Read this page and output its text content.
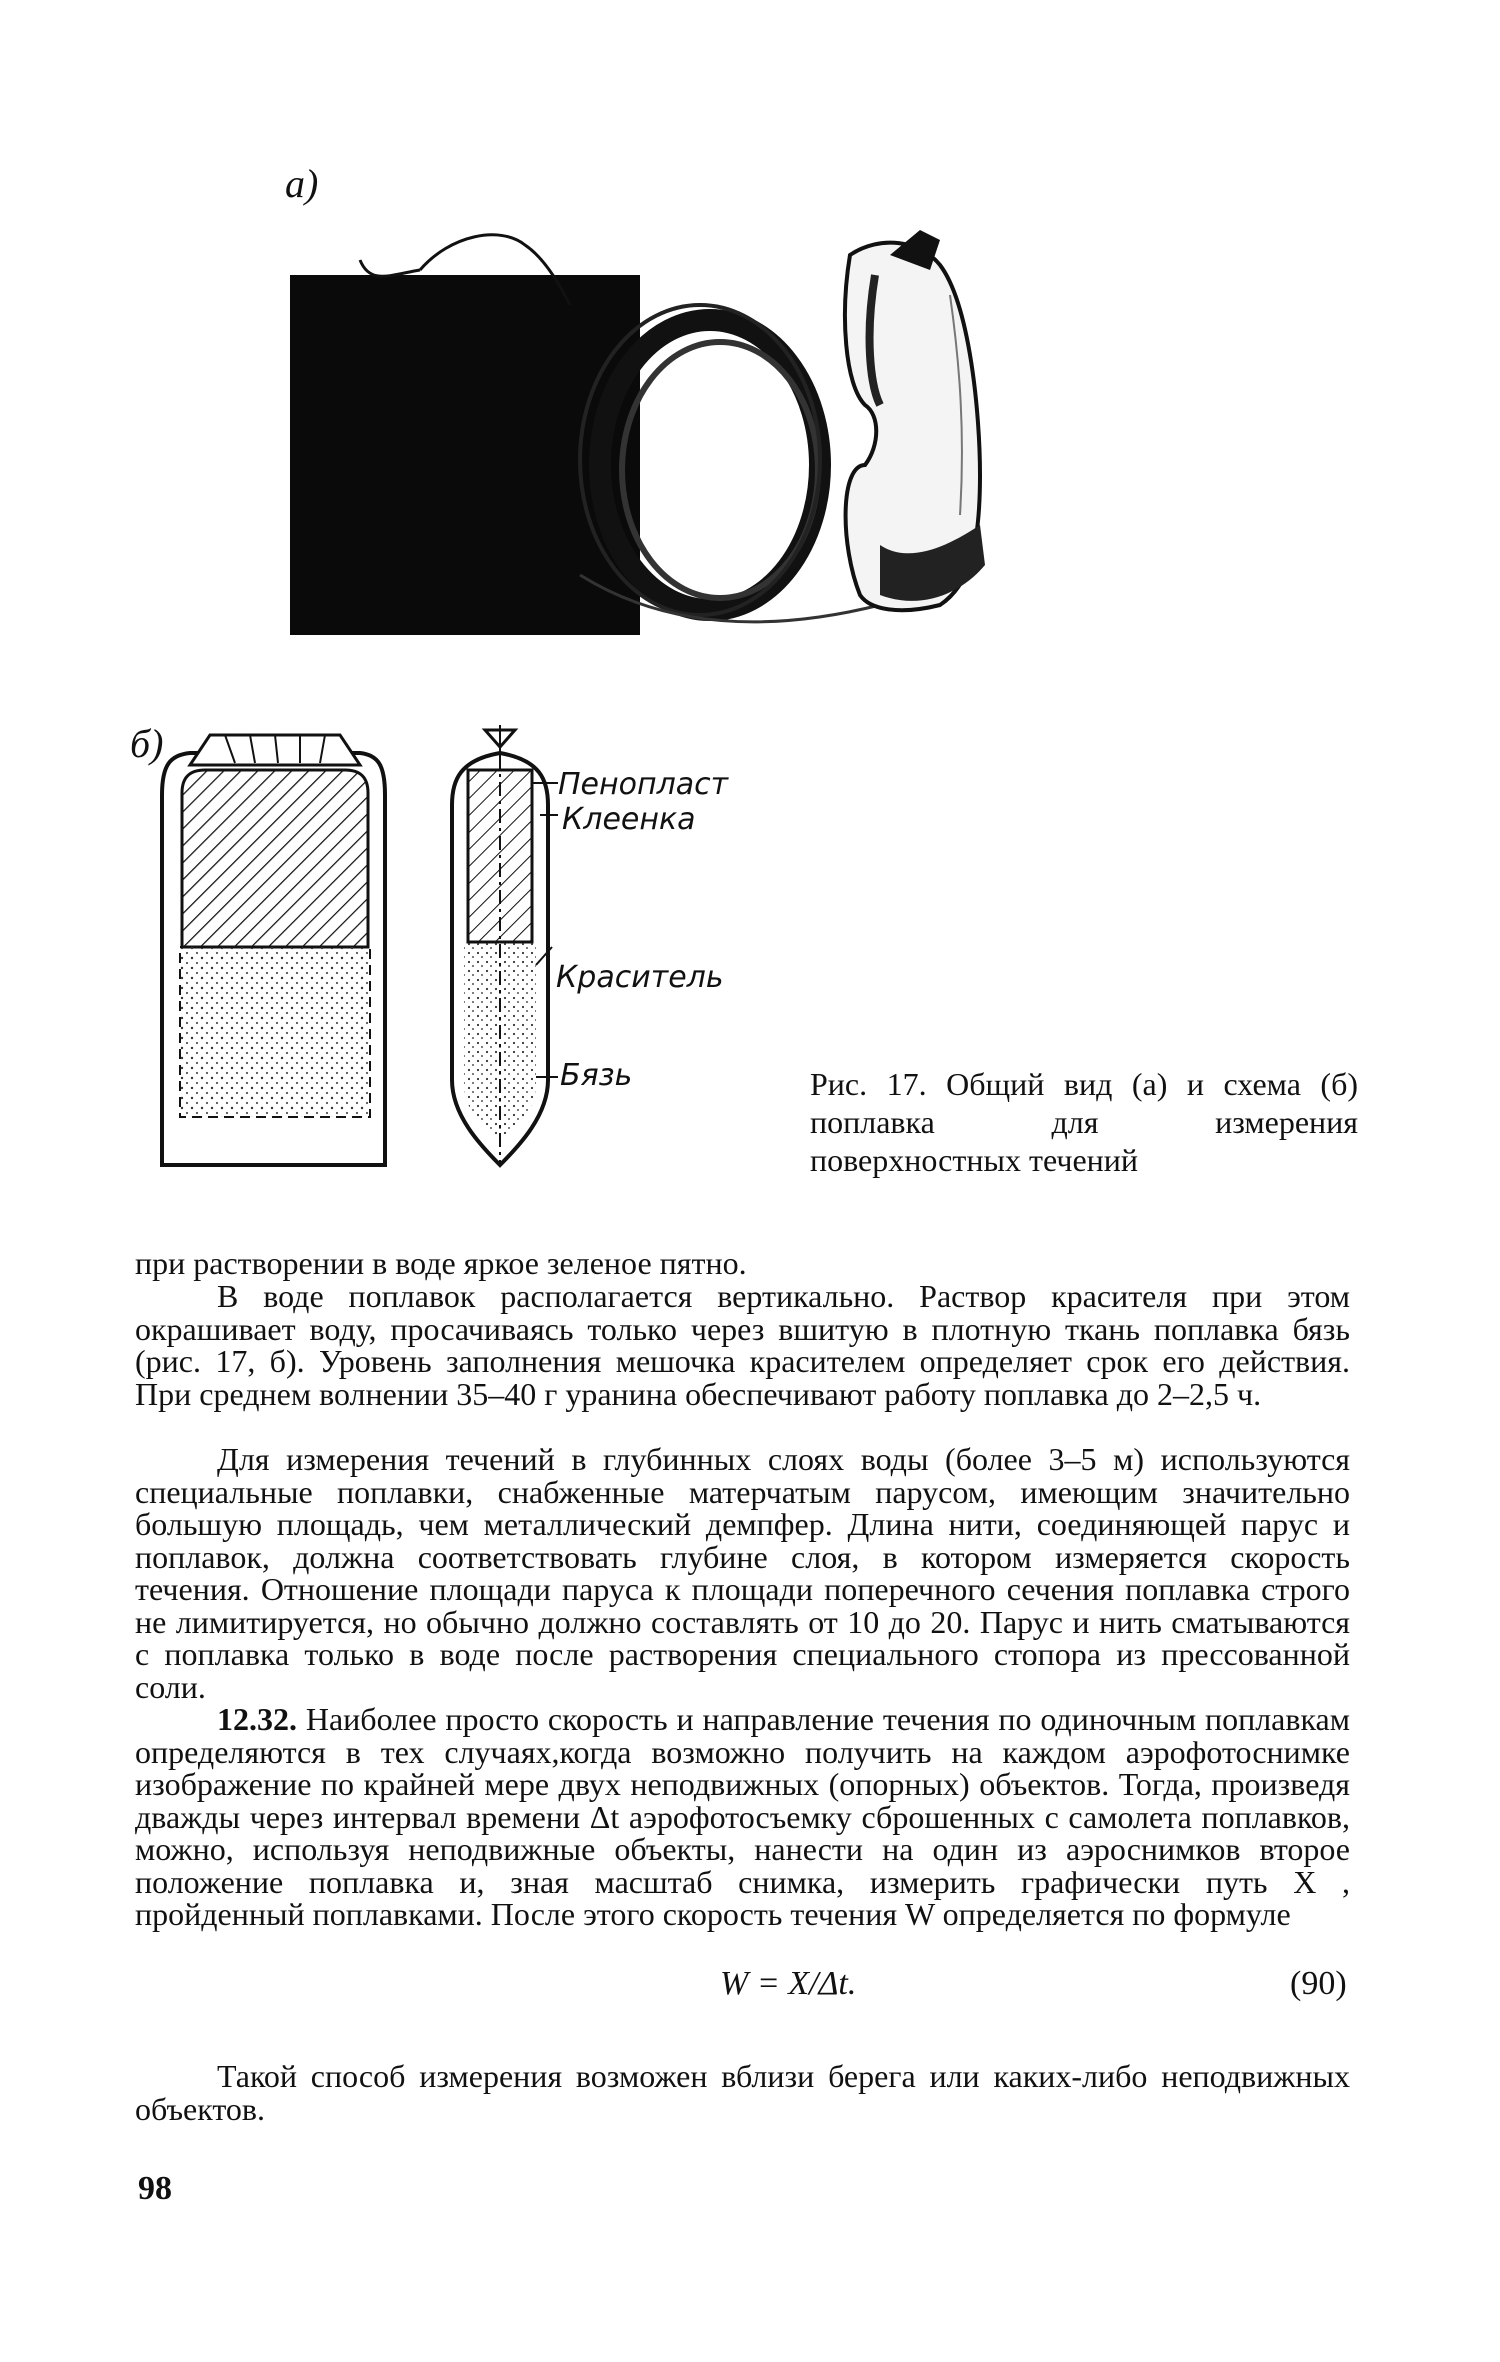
а)
б)
Пенопласт
Клеенка
Краситель
Бязь	Рис. 17. Общий вид (а) и схема (б) поплавка для измерения поверхностных течений

при растворении в воде яркое зеленое пятно.

В воде поплавок располагается вертикально. Раствор красителя при этом окрашивает воду, просачиваясь только через вшитую в плотную ткань поплавка бязь (рис. 17, б). Уровень заполнения мешочка красителем определяет срок его действия. При среднем волнении 35–40 г уранина обеспечивают работу поплавка до 2–2,5 ч.

Для измерения течений в глубинных слоях воды (более 3–5 м) используются специальные поплавки, снабженные матерчатым парусом, имеющим значительно большую площадь, чем металлический демпфер. Длина нити, соединяющей парус и поплавок, должна соответствовать глубине слоя, в котором измеряется скорость течения. Отношение площади паруса к площади поперечного сечения поплавка строго не лимитируется, но обычно должно составлять от 10 до 20. Парус и нить сматываются с поплавка только в воде после растворения специального стопора из прессованной соли.

12.32. Наиболее просто скорость и направление течения по одиночным поплавкам определяются в тех случаях,когда возможно получить на каждом аэрофотоснимке изображение по крайней мере двух неподвижных (опорных) объектов. Тогда, произведя дважды через интервал времени Δt аэрофотосъемку сброшенных с самолета поплавков, можно, используя неподвижные объекты, нанести на один из аэроснимков второе положение поплавка и, зная масштаб снимка, измерить графически путь X , пройденный поплавками. После этого скорость течения W определяется по формуле

W = X/Δt.	(90)

Такой способ измерения возможен вблизи берега или каких-либо неподвижных объектов.

98
